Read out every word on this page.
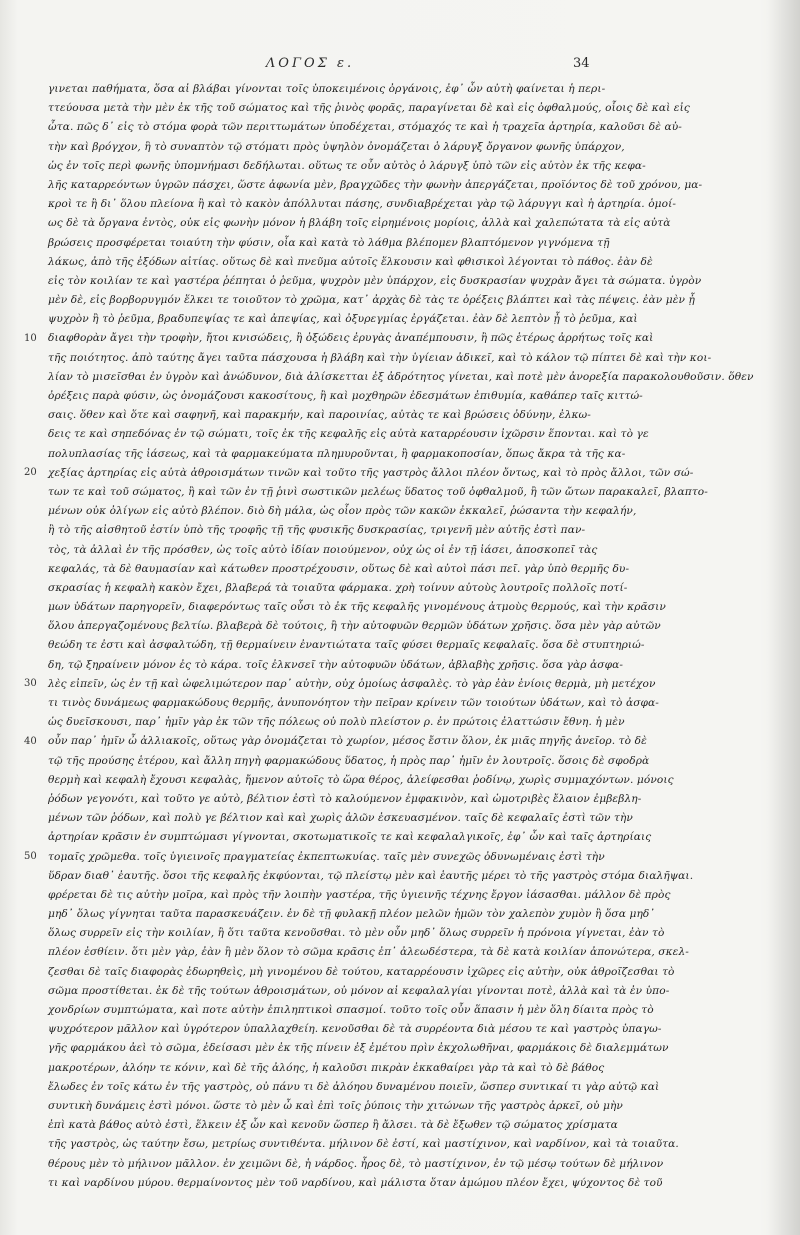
ΛΟΓΟΣ ε.	34
10
20
30
40
50
γινεται παθήματα, ὅσα αἱ βλάβαι γίνονται τοῖς ὑποκειμένοις ὀργάνοις, ἐφ᾿ ὧν αὐτὴ φαίνεται ἡ περι-
ττεύουσα μετὰ τὴν μὲν ἐκ τῆς τοῦ σώματος καὶ τῆς ῥινὸς φορᾶς, παραγίνεται δὲ καὶ εἰς ὀφθαλμούς, οἷοις δὲ καὶ εἰς
ὦτα. πῶς δ᾿ εἰς τὸ στόμα φορὰ τῶν περιττωμάτων ὑποδέχεται, στόμαχός τε καὶ ἡ τραχεῖα ἀρτηρία, καλοῦσι δὲ αὐ-
τὴν καὶ βρόγχον, ἣ τὸ συναπτὸν τῷ στόματι πρὸς ὑψηλὸν ὀνομάζεται ὁ λάρυγξ ὄργανον φωνῆς ὑπάρχον,
ὡς ἐν τοῖς περὶ φωνῆς ὑπομνήμασι δεδήλωται. οὕτως τε οὖν αὐτὸς ὁ λάρυγξ ὑπὸ τῶν εἰς αὐτὸν ἐκ τῆς κεφα-
λῆς καταρρεόντων ὑγρῶν πάσχει, ὥστε ἀφωνία μὲν, βραγχῶδες τὴν φωνὴν ἀπεργάζεται, προϊόντος δὲ τοῦ χρόνου, μα-
κροὶ τε ἢ δι᾿ ὅλου πλείονα ἢ καὶ τὸ κακὸν ἀπόλλυται πάσης, συνδιαβρέχεται γὰρ τῷ λάρυγγι καὶ ἡ ἀρτηρία. ὁμοί-
ως δὲ τὰ ὄργανα ἐντὸς, οὐκ εἰς φωνὴν μόνον ἡ βλάβη τοῖς εἰρημένοις μορίοις, ἀλλὰ καὶ χαλεπώτατα τὰ εἰς αὐτὰ
βρώσεις προσφέρεται τοιαύτη τὴν φύσιν, οἷα καὶ κατὰ τὸ λάθμα βλέπομεν βλαπτόμενον γιγνόμενα τῇ
λάκως, ἀπὸ τῆς ἐξόδων αἰτίας. οὕτως δὲ καὶ πνεῦμα αὐτοῖς ἕλκουσιν καὶ φθισικοὶ λέγονται τὸ πάθος. ἐὰν δὲ
εἰς τὸν κοιλίαν τε καὶ γαστέρα ῥέπηται ὁ ῥεῦμα, ψυχρὸν μὲν ὑπάρχον, εἰς δυσκρασίαν ψυχρὰν ἄγει τὰ σώματα. ὑγρὸν
μὲν δὲ, εἰς βορβορυγμόν ἕλκει τε τοιοῦτον τὸ χρῶμα, κατ᾿ ἀρχὰς δὲ τὰς τε ὀρέξεις βλάπτει καὶ τὰς πέψεις. ἐὰν μὲν ᾖ
ψυχρὸν ἢ τὸ ῥεῦμα, βραδυπεψίας τε καὶ ἀπεψίας, καὶ ὀξυρεγμίας ἐργάζεται. ἐὰν δὲ λεπτὸν ᾖ τὸ ῥεῦμα, καὶ
διαφθορὰν ἄγει τὴν τροφὴν, ἤτοι κνισώδεις, ἢ ὀξώδεις ἐρυγὰς ἀναπέμπουσιν, ἢ πῶς ἑτέρως ἀρρήτως τοῖς καὶ
τῆς ποιότητος. ἀπὸ ταύτης ἄγει ταῦτα πάσχουσα ἡ βλάβη καὶ τὴν ὑγίειαν ἀδικεῖ, καὶ τὸ κάλον τῷ πίπτει δὲ καὶ τὴν κοι-
λίαν τὸ μισεῖσθαι ἐν ὑγρὸν καὶ ἀνώδυνον, διὰ ἀλίσκετται ἐξ ἀδρότητος γίνεται, καὶ ποτὲ μὲν ἀνορεξία παρακολουθοῦσιν. ὅθεν
ὀρέξεις παρὰ φύσιν, ὡς ὀνομάζουσι κακοσίτους, ἢ καὶ μοχθηρῶν ἐδεσμάτων ἐπιθυμία, καθάπερ ταῖς κιττώ-
σαις. ὅθεν καὶ ὅτε καὶ σαφηνῆ, καὶ παρακμήν, καὶ παροινίας, αὐτὰς τε καὶ βρώσεις ὀδύνην, ἐλκω-
δεις τε καὶ σηπεδόνας ἐν τῷ σώματι, τοῖς ἐκ τῆς κεφαλῆς εἰς αὐτὰ καταρρέουσιν ἰχῶρσιν ἕπονται. καὶ τὸ γε
πολυπλασίας τῆς ἰάσεως, καὶ τὰ φαρμακεύματα πλημυροῦνται, ἢ φαρμακοποσίαν, ὅπως ἄκρα τὰ τῆς κα-
χεξίας ἀρτηρίας εἰς αὐτὰ ἀθροισμάτων τινῶν καὶ τοῦτο τῆς γαστρὸς ἄλλοι πλέον ὄντως, καὶ τὸ πρὸς ἄλλοι, τῶν σώ-
των τε καὶ τοῦ σώματος, ἢ καὶ τῶν ἐν τῇ ῥινὶ σωστικῶν μελέως ὕδατος τοῦ ὀφθαλμοῦ, ἢ τῶν ὤτων παρακαλεῖ, βλαπτο-
μένων οὐκ ὀλίγων εἰς αὐτὸ βλέπον. διὸ δὴ μάλα, ὡς οἷον πρὸς τῶν κακῶν ἐκκαλεῖ, ῥώσαντα τὴν κεφαλήν,
ἢ τὸ τῆς αἰσθητοῦ ἐστίν ὑπὸ τῆς τροφῆς τῇ τῆς φυσικῆς δυσκρασίας, τριγενῆ μὲν αὐτῆς ἐστὶ παν-
τὸς, τὰ ἀλλαὶ ἐν τῆς πρόσθεν, ὡς τοῖς αὐτὸ ἰδίαν ποιούμενον, οὐχ ὡς οἱ ἐν τῇ ἰάσει, ἀποσκοπεῖ τὰς
κεφαλάς, τὰ δὲ θαυμασίαν καὶ κάτωθεν προστρέχουσιν, οὕτως δὲ καὶ αὐτοὶ πάσι πεῖ. γὰρ ὑπὸ θερμῆς δυ-
σκρασίας ἡ κεφαλὴ κακὸν ἔχει, βλαβερά τὰ τοιαῦτα φάρμακα. χρὴ τοίνυν αὐτοὺς λουτροῖς πολλοῖς ποτί-
μων ὑδάτων παρηγορεῖν, διαφερόντως ταῖς οὖσι τὸ ἐκ τῆς κεφαλῆς γινομένους ἀτμοὺς θερμούς, καὶ τὴν κρᾶσιν
ὅλου ἀπεργαζομένους βελτίω. βλαβερὰ δὲ τούτοις, ἢ τὴν αὐτοφυῶν θερμῶν ὑδάτων χρῆσις. ὅσα μὲν γὰρ αὐτῶν
θεώδη τε ἐστι καὶ ἀσφαλτώδη, τῇ θερμαίνειν ἐναντιώτατα ταῖς φύσει θερμαῖς κεφαλαῖς. ὅσα δὲ στυπτηριώ-
δη, τῷ ξηραίνειν μόνον ἐς τὸ κάρα. τοῖς ἐλκνσεῖ τὴν αὐτοφυῶν ὑδάτων, ἀβλαβὴς χρῆσις. ὅσα γὰρ ἀσφα-
λὲς εἰπεῖν, ὡς ἐν τῇ καὶ ὠφελιμώτερον παρ᾿ αὐτὴν, οὐχ ὁμοίως ἀσφαλὲς. τὸ γὰρ ἐὰν ἐνίοις θερμὰ, μὴ μετέχον
τι τινὸς δυνάμεως φαρμακώδους θερμῆς, ἀνυπονόητον τὴν πεῖραν κρίνειν τῶν τοιούτων ὑδάτων, καὶ τὸ ἀσφα-
ὡς δυεῖσκουσι, παρ᾿ ἡμῖν γὰρ ἐκ τῶν τῆς πόλεως οὐ πολὺ πλείστον ρ. ἐν πρώτοις ἐλαττώσιν ἔθνη. ἡ μὲν
οὖν παρ᾿ ἡμῖν ὦ ἀλλιακοῖς, οὕτως γὰρ ὀνομάζεται τὸ χωρίον, μέσος ἔστιν ὅλον, ἐκ μιᾶς πηγῆς ἀνεῖορ. τὸ δὲ
τῷ τῆς προύσης ἑτέρου, καὶ ἄλλη πηγὴ φαρμακώδους ὕδατος, ἡ πρὸς παρ᾿ ἡμῖν ἐν λουτροῖς. ὅσοις δὲ σφοδρὰ
θερμὴ καὶ κεφαλὴ ἔχουσι κεφαλὰς, ἤμενον αὐτοῖς τὸ ὥρα θέρος, ἀλείφεσθαι ῥοδίνῳ, χωρὶς συμμαχόντων. μόνοις
ῥόδων γεγονότι, καὶ τοῦτο γε αὐτὸ, βέλτιον ἐστὶ τὸ καλούμενον ἐμφακινὸν, καὶ ὡμοτριβὲς ἔλαιον ἐμβεβλη-
μένων τῶν ῥόδων, καὶ πολὺ γε βέλτιον καὶ καὶ χωρὶς ἁλῶν ἐσκευασμένον. ταῖς δὲ κεφαλαῖς ἐστὶ τῶν τὴν
ἀρτηρίαν κρᾶσιν ἐν συμπτώμασι γίγνονται, σκοτωματικοῖς τε καὶ κεφαλαλγικοῖς, ἐφ᾿ ὧν καὶ ταῖς ἀρτηρίαις
τομαῖς χρῶμεθα. τοῖς ὑγιεινοῖς πραγματείας ἐκπεπτωκυίας. ταῖς μὲν συνεχῶς ὀδυνωμέναις ἐστὶ τὴν
ὕδραν διαθ᾿ ἐαυτῆς. ὅσοι τῆς κεφαλῆς ἐκφύονται, τῷ πλείστῳ μὲν καὶ ἑαυτῆς μέρει τὸ τῆς γαστρὸς στόμα διαλῆψαι.
φρέρεται δὲ τις αὐτὴν μοῖρα, καὶ πρὸς τῆν λοιπὴν γαστέρα, τῆς ὑγιεινῆς τέχνης ἔργον ἰάσασθαι. μάλλον δὲ πρὸς
μηδ᾿ ὅλως γίγνηται ταῦτα παρασκευάζειν. ἐν δὲ τῇ φυλακῇ πλέον μελῶν ἡμῶν τὸν χαλεπὸν χυμὸν ἢ ὅσα μηδ᾿
ὅλως συρρεῖν εἰς τὴν κοιλίαν, ἢ ὅτι ταῦτα κενοῦσθαι. τὸ μὲν οὖν μηδ᾿ ὅλως συρρεῖν ἡ πρόνοια γίγνεται, ἐὰν τὸ
πλέον ἐσθίειν. ὅτι μὲν γὰρ, ἐὰν ἢ μὲν ὅλον τὸ σῶμα κρᾶσις ἐπ᾿ ἀλεωδέστερα, τὰ δὲ κατὰ κοιλίαν ἀπονώτερα, σκελ-
ζεσθαι δὲ ταῖς διαφορὰς ἐδωρηθεὶς, μὴ γινομένου δὲ τούτου, καταρρέουσιν ἰχῶρες εἰς αὐτὴν, οὐκ ἀθροῖζεσθαι τὸ
σῶμα προστίθεται. ἐκ δὲ τῆς τούτων ἀθροισμάτων, οὐ μόνον αἱ κεφαλαλγίαι γίνονται ποτὲ, ἀλλὰ καὶ τὰ ἐν ὑπο-
χονδρίων συμπτώματα, καὶ ποτε αὐτὴν ἐπιληπτικοὶ σπασμοί. τοῦτο τοῖς οὖν ἅπασιν ἡ μὲν ὅλη δίαιτα πρὸς τὸ
ψυχρότερον μᾶλλον καὶ ὑγρότερον ὑπαλλαχθείη. κενοῦσθαι δὲ τὰ συρρέοντα διὰ μέσου τε καὶ γαστρὸς ὑπαγω-
γῆς φαρμάκου ἀεὶ τὸ σῶμα, ἐδείσασι μὲν ἐκ τῆς πίνειν ἐξ ἐμέτου πρὶν ἐκχολωθῆναι, φαρμάκοις δὲ διαλεμμάτων
μακροτέρων, ἀλόην τε κόνιν, καὶ δὲ τῆς ἀλόης, ἡ καλοῦσι πικρὰν ἐκκαθαίρει γὰρ τὰ καὶ τὸ δὲ βάθος
ἔλωδες ἐν τοῖς κάτω ἐν τῆς γαστρὸς, οὐ πάνυ τι δὲ ἀλόηου δυναμένου ποιεῖν, ὥσπερ συντικαί τι γὰρ αὐτῷ καὶ
συντικὴ δυνάμεις ἐστὶ μόνοι. ὥστε τὸ μὲν ὦ καὶ ἐπὶ τοῖς ῥύποις τὴν χιτώνων τῆς γαστρὸς ἀρκεῖ, οὐ μὴν
ἐπὶ κατὰ βάθος αὐτὸ ἐστὶ, ἕλκειν ἐξ ὧν καὶ κενοῦν ὥσπερ ἢ ἄλσει. τὰ δὲ ἔξωθεν τῷ σώματος χρίσματα
τῆς γαστρὸς, ὡς ταύτην ἔσω, μετρίως συντιθέντα. μήλινον δὲ ἐστί, καὶ μαστίχινον, καὶ ναρδίνον, καὶ τὰ τοιαῦτα.
θέρους μὲν τὸ μήλινον μᾶλλον. ἐν χειμῶνι δὲ, ἡ νάρδος. ἦρος δὲ, τὸ μαστίχινον, ἐν τῷ μέσῳ τούτων δὲ μήλινον
τι καὶ ναρδίνου μύρου. θερμαίνοντος μὲν τοῦ ναρδίνου, καὶ μάλιστα ὅταν ἀμώμου πλέον ἔχει, ψύχοντος δὲ τοῦ
